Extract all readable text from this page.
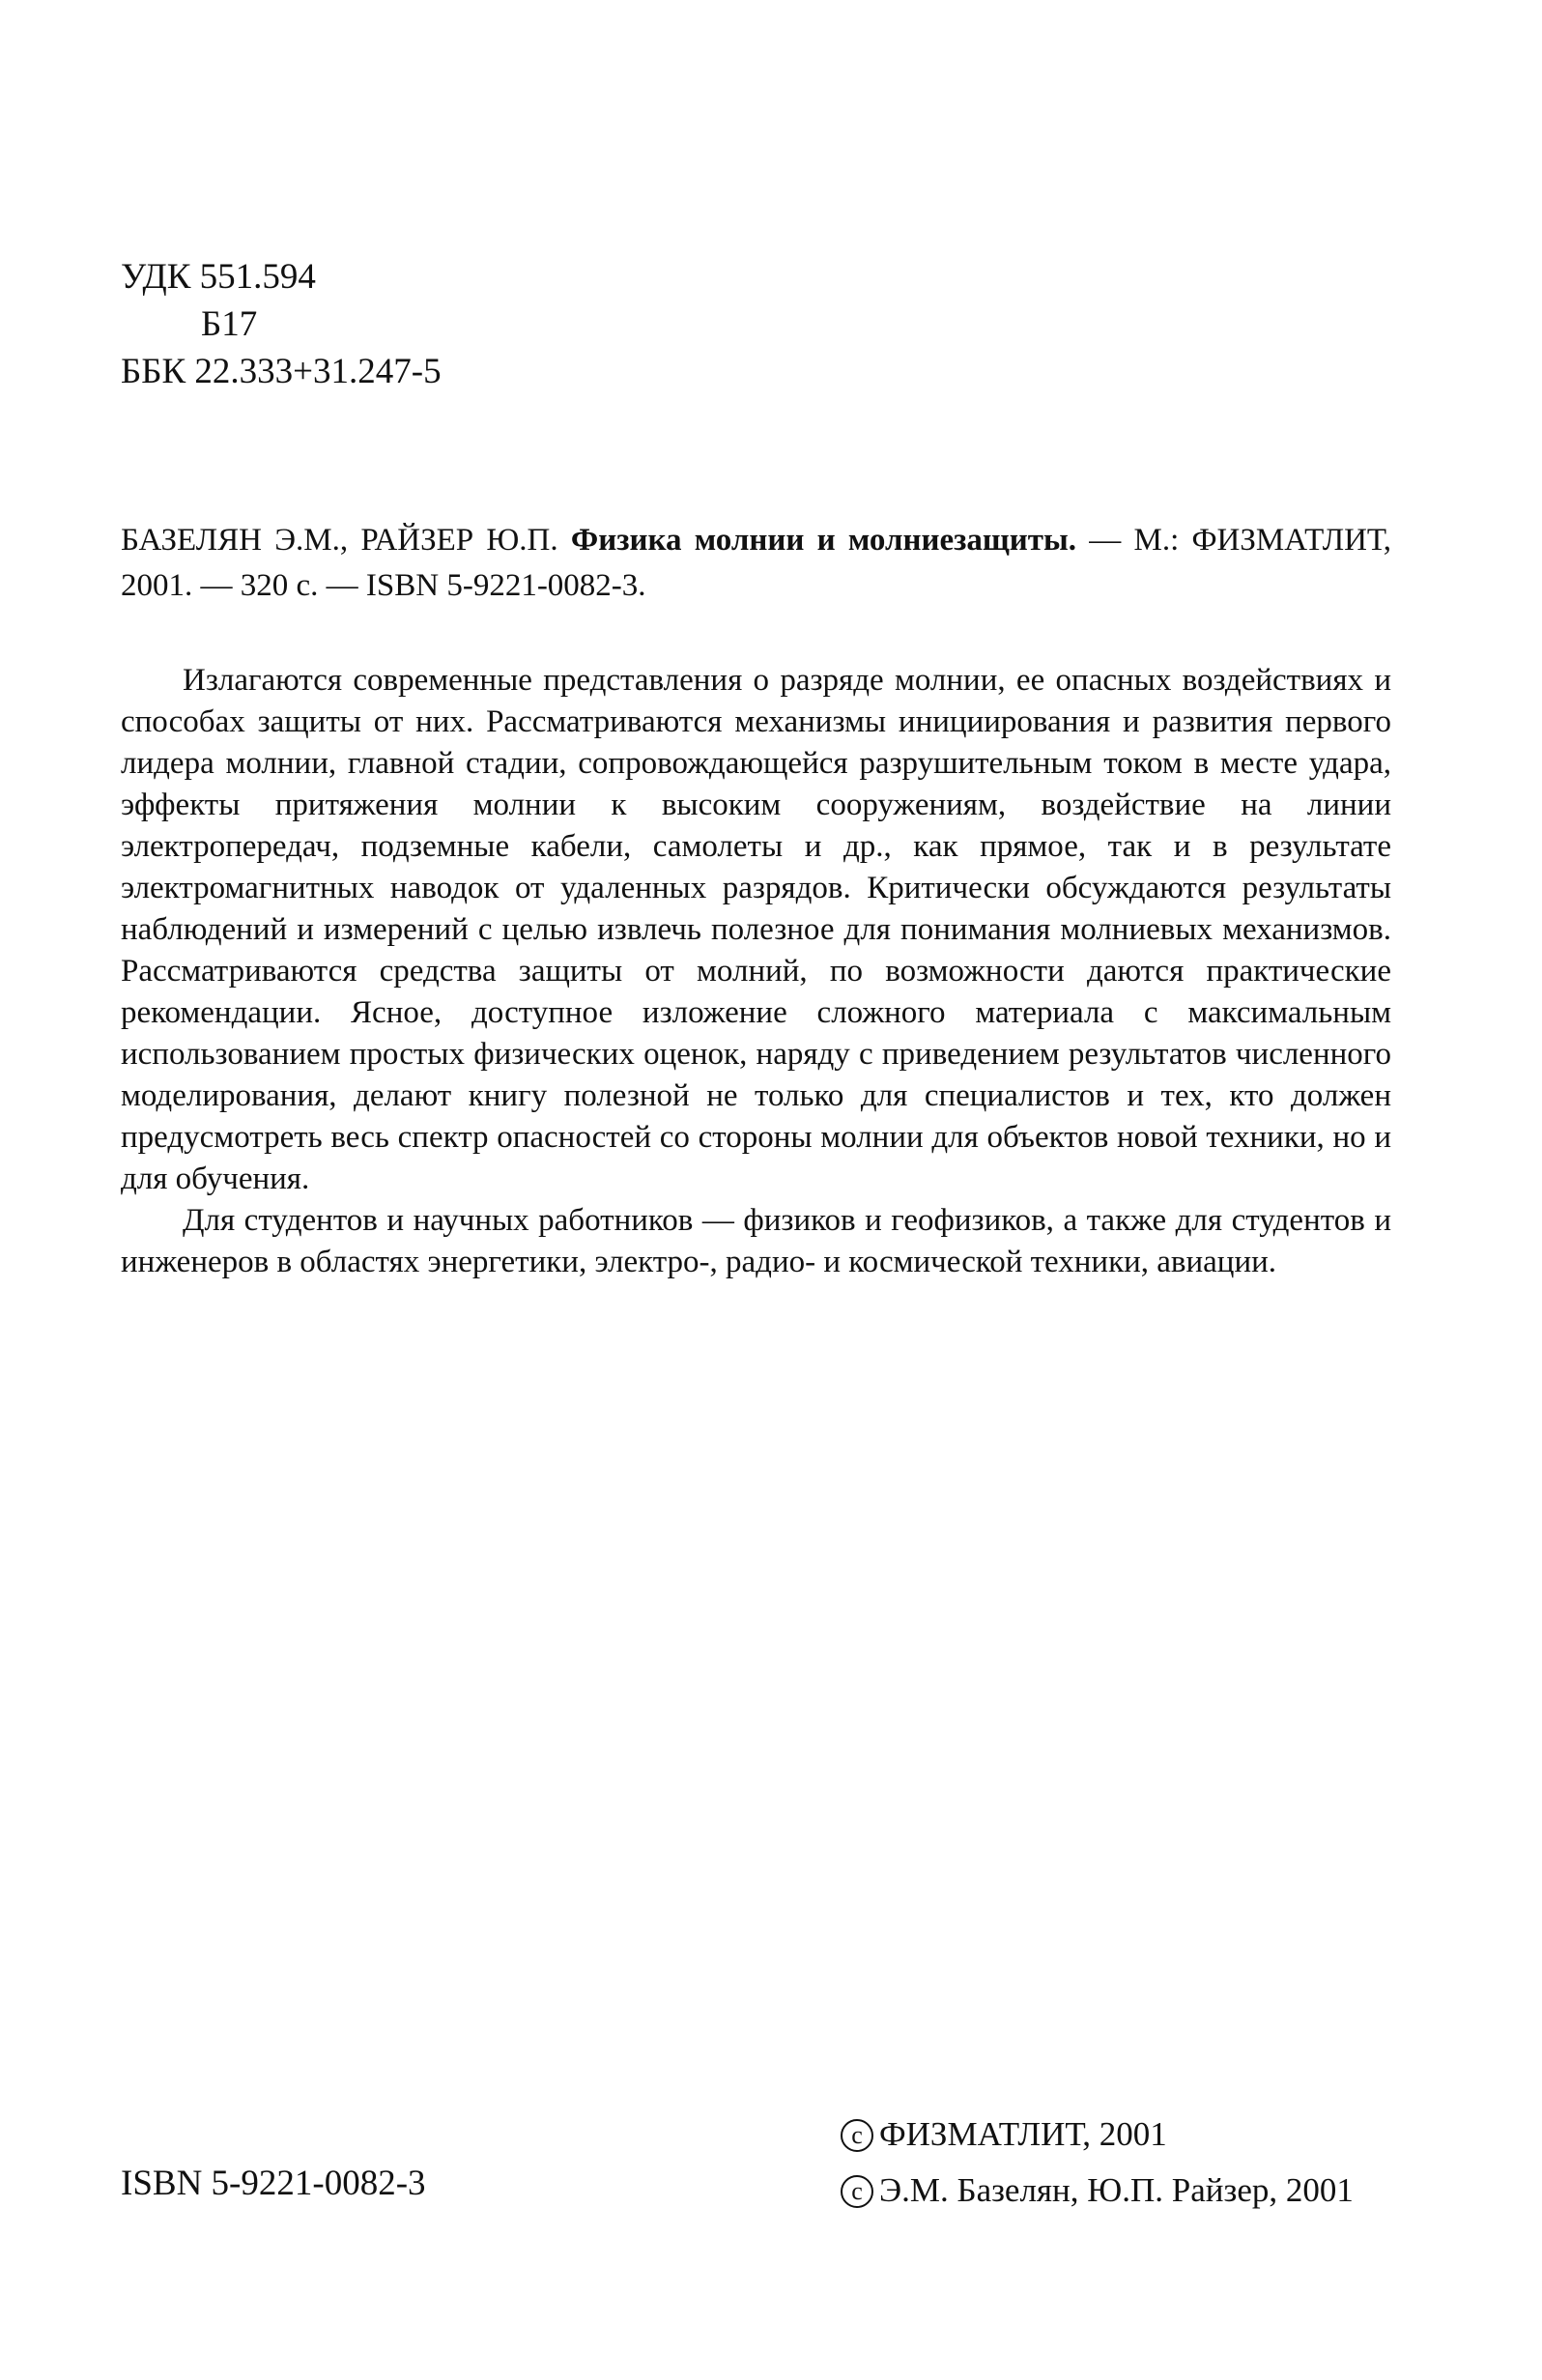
УДК 551.594
Б17
ББК 22.333+31.247-5
БАЗЕЛЯН Э.М., РАЙЗЕР Ю.П. Физика молнии и молниезащиты. — М.: ФИЗМАТЛИТ, 2001. — 320 с. — ISBN 5-9221-0082-3.

Излагаются современные представления о разряде молнии, ее опасных воздействиях и способах защиты от них. Рассматриваются механизмы инициирования и развития первого лидера молнии, главной стадии, сопровождающейся разрушительным током в месте удара, эффекты притяжения молнии к высоким сооружениям, воздействие на линии электропередач, подземные кабели, самолеты и др., как прямое, так и в результате электромагнитных наводок от удаленных разрядов. Критически обсуждаются результаты наблюдений и измерений с целью извлечь полезное для понимания молниевых механизмов. Рассматриваются средства защиты от молний, по возможности даются практические рекомендации. Ясное, доступное изложение сложного материала с максимальным использованием простых физических оценок, наряду с приведением результатов численного моделирования, делают книгу полезной не только для специалистов и тех, кто должен предусмотреть весь спектр опасностей со стороны молнии для объектов новой техники, но и для обучения.

Для студентов и научных работников — физиков и геофизиков, а также для студентов и инженеров в областях энергетики, электро-, радио- и космической техники, авиации.

ISBN 5-9221-0082-3
c ФИЗМАТЛИТ, 2001
c Э.М. Базелян, Ю.П. Райзер, 2001
